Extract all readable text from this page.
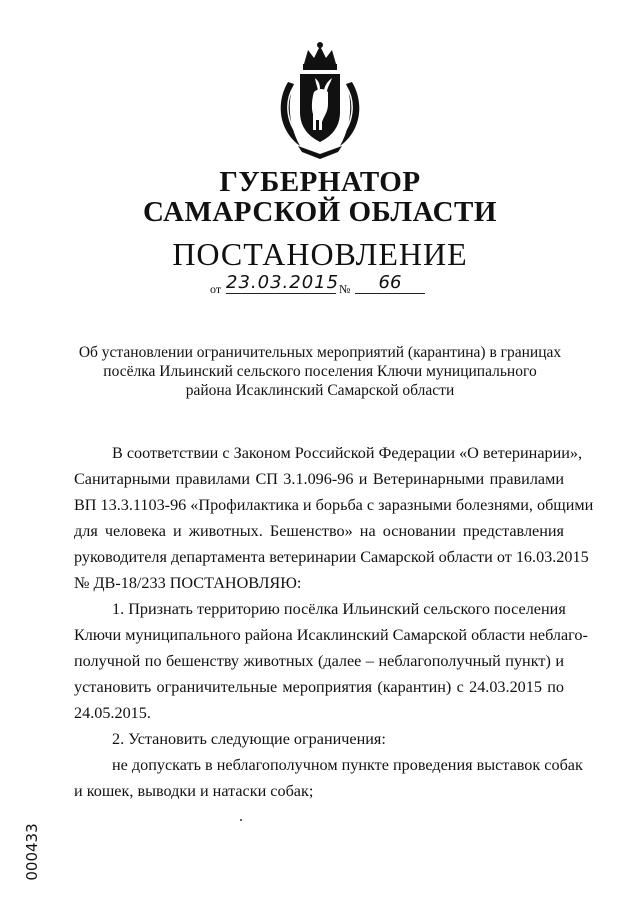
ГУБЕРНАТОР
САМАРСКОЙ ОБЛАСТИ
ПОСТАНОВЛЕНИЕ
от 23.03.2015 №	66
Об установлении ограничительных мероприятий (карантина) в границах
посёлка Ильинский сельского поселения Ключи муниципального
района Исаклинский Самарской области
В соответствии с Законом Российской Федерации «О ветеринарии»,
Санитарными правилами СП 3.1.096-96 и Ветеринарными правилами
ВП 13.3.1103-96 «Профилактика и борьба с заразными болезнями, общими
для человека и животных. Бешенство» на основании представления
руководителя департамента ветеринарии Самарской области от 16.03.2015
№ ДВ-18/233 ПОСТАНОВЛЯЮ:
1. Признать территорию посёлка Ильинский сельского поселения
Ключи муниципального района Исаклинский Самарской области неблаго-
получной по бешенству животных (далее – неблагополучный пункт) и
установить ограничительные мероприятия (карантин) с 24.03.2015 по
24.05.2015.
2. Установить следующие ограничения:
не допускать в неблагополучном пункте проведения выставок собак
и кошек, выводки и натаски собак;
000433
